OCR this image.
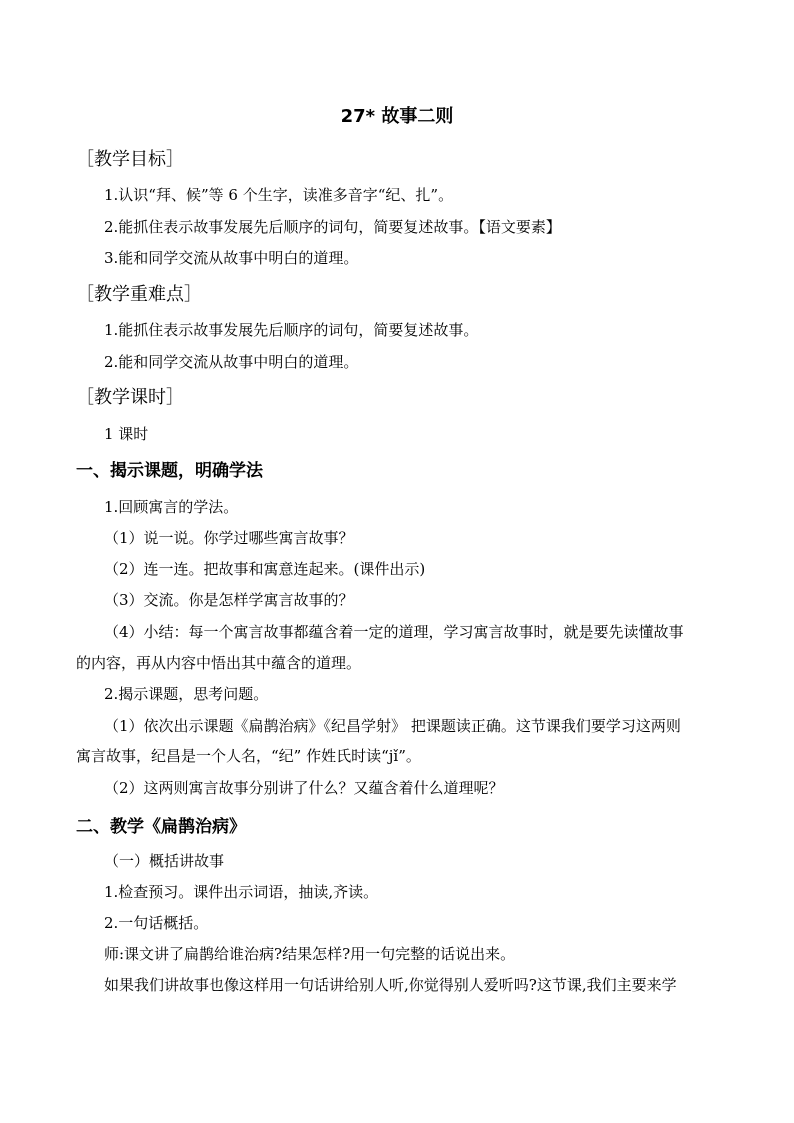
27* 故事二则
［教学目标］
1.认识“拜、候”等 6 个生字，读准多音字“纪、扎”。
2.能抓住表示故事发展先后顺序的词句，简要复述故事。【语文要素】
3.能和同学交流从故事中明白的道理。
［教学重难点］
1.能抓住表示故事发展先后顺序的词句，简要复述故事。
2.能和同学交流从故事中明白的道理。
［教学课时］
1 课时
一、揭示课题，明确学法
1.回顾寓言的学法。
（1）说一说。你学过哪些寓言故事？
（2）连一连。把故事和寓意连起来。(课件出示)
（3）交流。你是怎样学寓言故事的？
（4）小结：每一个寓言故事都蕴含着一定的道理，学习寓言故事时，就是要先读懂故事
的内容，再从内容中悟出其中蕴含的道理。
2.揭示课题，思考问题。
（1）依次出示课题《扁鹊治病》《纪昌学射》 把课题读正确。这节课我们要学习这两则
寓言故事，纪昌是一个人名，“纪” 作姓氏时读“jǐ”。
（2）这两则寓言故事分别讲了什么？又蕴含着什么道理呢？
二、教学《扁鹊治病》
（一）概括讲故事
1.检查预习。课件出示词语，抽读,齐读。
2.一句话概括。
师:课文讲了扁鹊给谁治病?结果怎样?用一句完整的话说出来。
如果我们讲故事也像这样用一句话讲给别人听,你觉得别人爱听吗?这节课,我们主要来学
